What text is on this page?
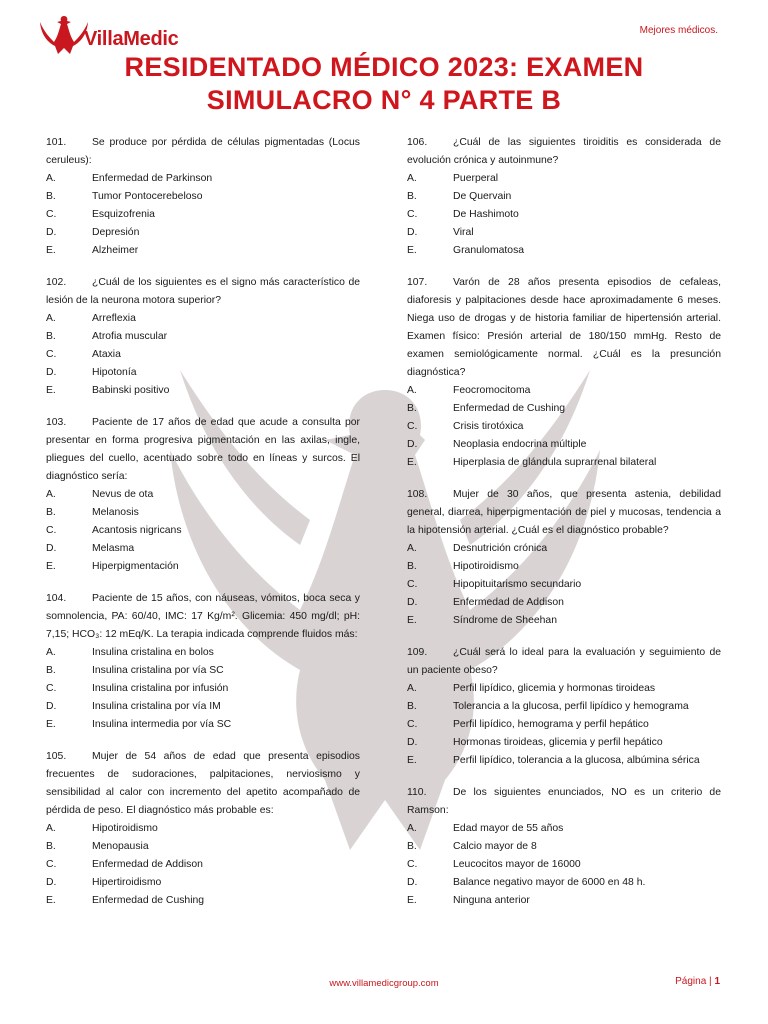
VillaMedic	Mejores médicos.
RESIDENTADO MÉDICO 2023: EXAMEN
SIMULACRO N° 4 PARTE B
101. Se produce por pérdida de células pigmentadas (Locus ceruleus):
A.	Enfermedad de Parkinson
B.	Tumor Pontocerebeloso
C.	Esquizofrenia
D.	Depresión
E.	Alzheimer
102. ¿Cuál de los siguientes es el signo más característico de lesión de la neurona motora superior?
A.	Arreflexia
B.	Atrofia muscular
C.	Ataxia
D.	Hipotonía
E.	Babinski positivo
103. Paciente de 17 años de edad que acude a consulta por presentar en forma progresiva pigmentación en las axilas, ingle, pliegues del cuello, acentuado sobre todo en líneas y surcos. El diagnóstico sería:
A.	Nevus de ota
B.	Melanosis
C.	Acantosis nigricans
D.	Melasma
E.	Hiperpigmentación
104. Paciente de 15 años, con náuseas, vómitos, boca seca y somnolencia, PA: 60/40, IMC: 17 Kg/m². Glicemia: 450 mg/dl; pH: 7,15; HCO₃: 12 mEq/K. La terapia indicada comprende fluidos más:
A.	Insulina cristalina en bolos
B.	Insulina cristalina por vía SC
C.	Insulina cristalina por infusión
D.	Insulina cristalina por vía IM
E.	Insulina intermedia por vía SC
105. Mujer de 54 años de edad que presenta episodios frecuentes de sudoraciones, palpitaciones, nerviosismo y sensibilidad al calor con incremento del apetito acompañado de pérdida de peso. El diagnóstico más probable es:
A.	Hipotiroidismo
B.	Menopausia
C.	Enfermedad de Addison
D.	Hipertiroidismo
E.	Enfermedad de Cushing
106. ¿Cuál de las siguientes tiroiditis es considerada de evolución crónica y autoinmune?
A.	Puerperal
B.	De Quervain
C.	De Hashimoto
D.	Viral
E.	Granulomatosa
107. Varón de 28 años presenta episodios de cefaleas, diaforesis y palpitaciones desde hace aproximadamente 6 meses. Niega uso de drogas y de historia familiar de hipertensión arterial. Examen físico: Presión arterial de 180/150 mmHg. Resto de examen semiológicamente normal. ¿Cuál es la presunción diagnóstica?
A.	Feocromocitoma
B.	Enfermedad de Cushing
C.	Crisis tirotóxica
D.	Neoplasia endocrina múltiple
E.	Hiperplasia de glándula suprarrenal bilateral
108. Mujer de 30 años, que presenta astenia, debilidad general, diarrea, hiperpigmentación de piel y mucosas, tendencia a la hipotensión arterial. ¿Cuál es el diagnóstico probable?
A.	Desnutrición crónica
B.	Hipotiroidismo
C.	Hipopituitarismo secundario
D.	Enfermedad de Addison
E.	Síndrome de Sheehan
109. ¿Cuál será lo ideal para la evaluación y seguimiento de un paciente obeso?
A.	Perfil lipídico, glicemia y hormonas tiroideas
B.	Tolerancia a la glucosa, perfil lipídico y hemograma
C.	Perfil lipídico, hemograma y perfil hepático
D.	Hormonas tiroideas, glicemia y perfil hepático
E.	Perfil lipídico, tolerancia a la glucosa, albúmina sérica
110.	De los siguientes enunciados, NO es un criterio de Ramson:
A.	Edad mayor de 55 años
B.	Calcio mayor de 8
C.	Leucocitos mayor de 16000
D.	Balance negativo mayor de 6000 en 48 h.
E.	Ninguna anterior
www.villamedicgroup.com	Página | 1
